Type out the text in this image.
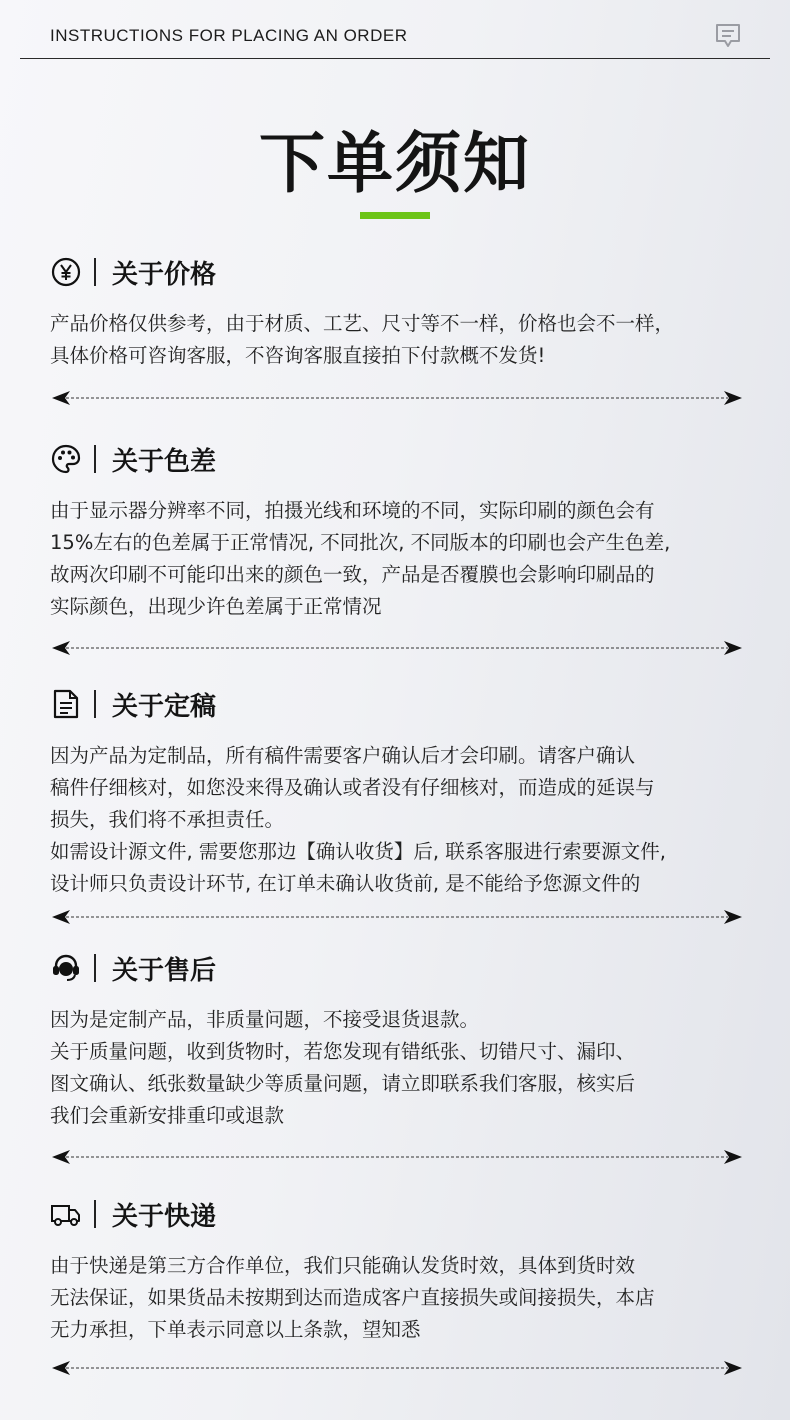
INSTRUCTIONS FOR PLACING AN ORDER
下单须知
关于价格
产品价格仅供参考，由于材质、工艺、尺寸等不一样，价格也会不一样，
具体价格可咨询客服，不咨询客服直接拍下付款概不发货!
关于色差
由于显示器分辨率不同，拍摄光线和环境的不同，实际印刷的颜色会有
15%左右的色差属于正常情况, 不同批次, 不同版本的印刷也会产生色差,
故两次印刷不可能印出来的颜色一致，产品是否覆膜也会影响印刷品的
实际颜色，出现少许色差属于正常情况
关于定稿
因为产品为定制品，所有稿件需要客户确认后才会印刷。请客户确认
稿件仔细核对，如您没来得及确认或者没有仔细核对，而造成的延误与
损失，我们将不承担责任。
如需设计源文件, 需要您那边【确认收货】后, 联系客服进行索要源文件,
设计师只负责设计环节, 在订单未确认收货前, 是不能给予您源文件的
关于售后
因为是定制产品，非质量问题，不接受退货退款。
关于质量问题，收到货物时，若您发现有错纸张、切错尺寸、漏印、
图文确认、纸张数量缺少等质量问题，请立即联系我们客服，核实后
我们会重新安排重印或退款
关于快递
由于快递是第三方合作单位，我们只能确认发货时效，具体到货时效
无法保证，如果货品未按期到达而造成客户直接损失或间接损失，本店
无力承担，下单表示同意以上条款，望知悉
